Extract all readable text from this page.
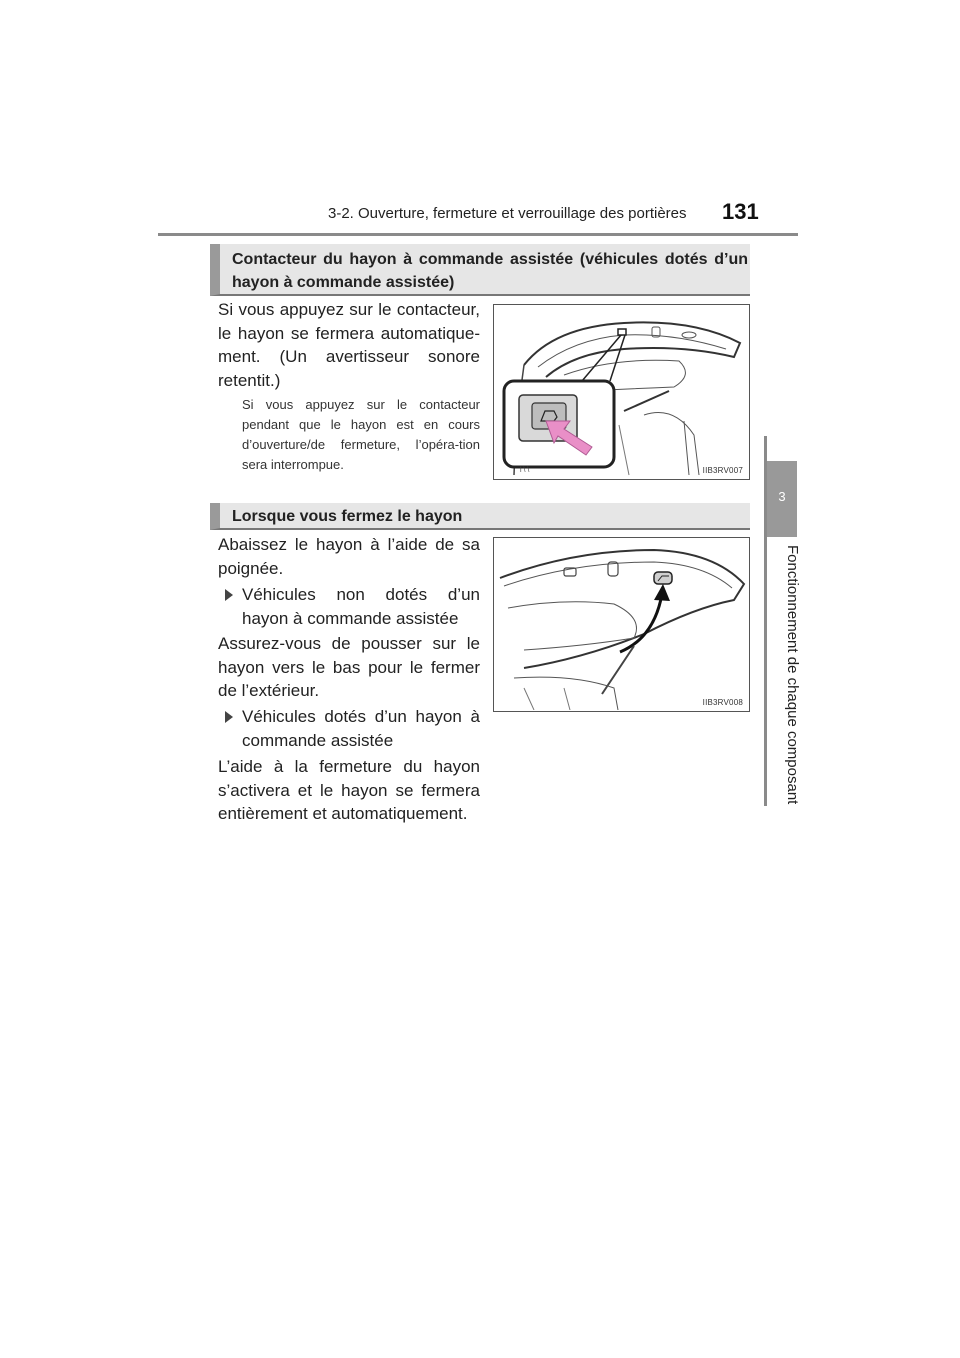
3-2. Ouverture, fermeture et verrouillage des portières 131
3
Fonctionnement de chaque composant
Contacteur du hayon à commande assistée (véhicules dotés d’un hayon à commande assistée)
Si vous appuyez sur le contacteur, le hayon se fermera automatique-ment. (Un avertisseur sonore retentit.)
Si vous appuyez sur le contacteur pendant que le hayon est en cours d’ouverture/de fermeture, l’opéra-tion sera interrompue.	l \ \	IIB3RV007
Lorsque vous fermez le hayon
Abaissez le hayon à l’aide de sa poignée.
Véhicules non dotés d’un hayon à commande assistée
Assurez-vous de pousser sur le hayon vers le bas pour le fermer de l’extérieur.
Véhicules dotés d’un hayon à commande assistée
L’aide à la fermeture du hayon s’activera et le hayon se fermera entièrement et automatiquement.
IIB3RV008
